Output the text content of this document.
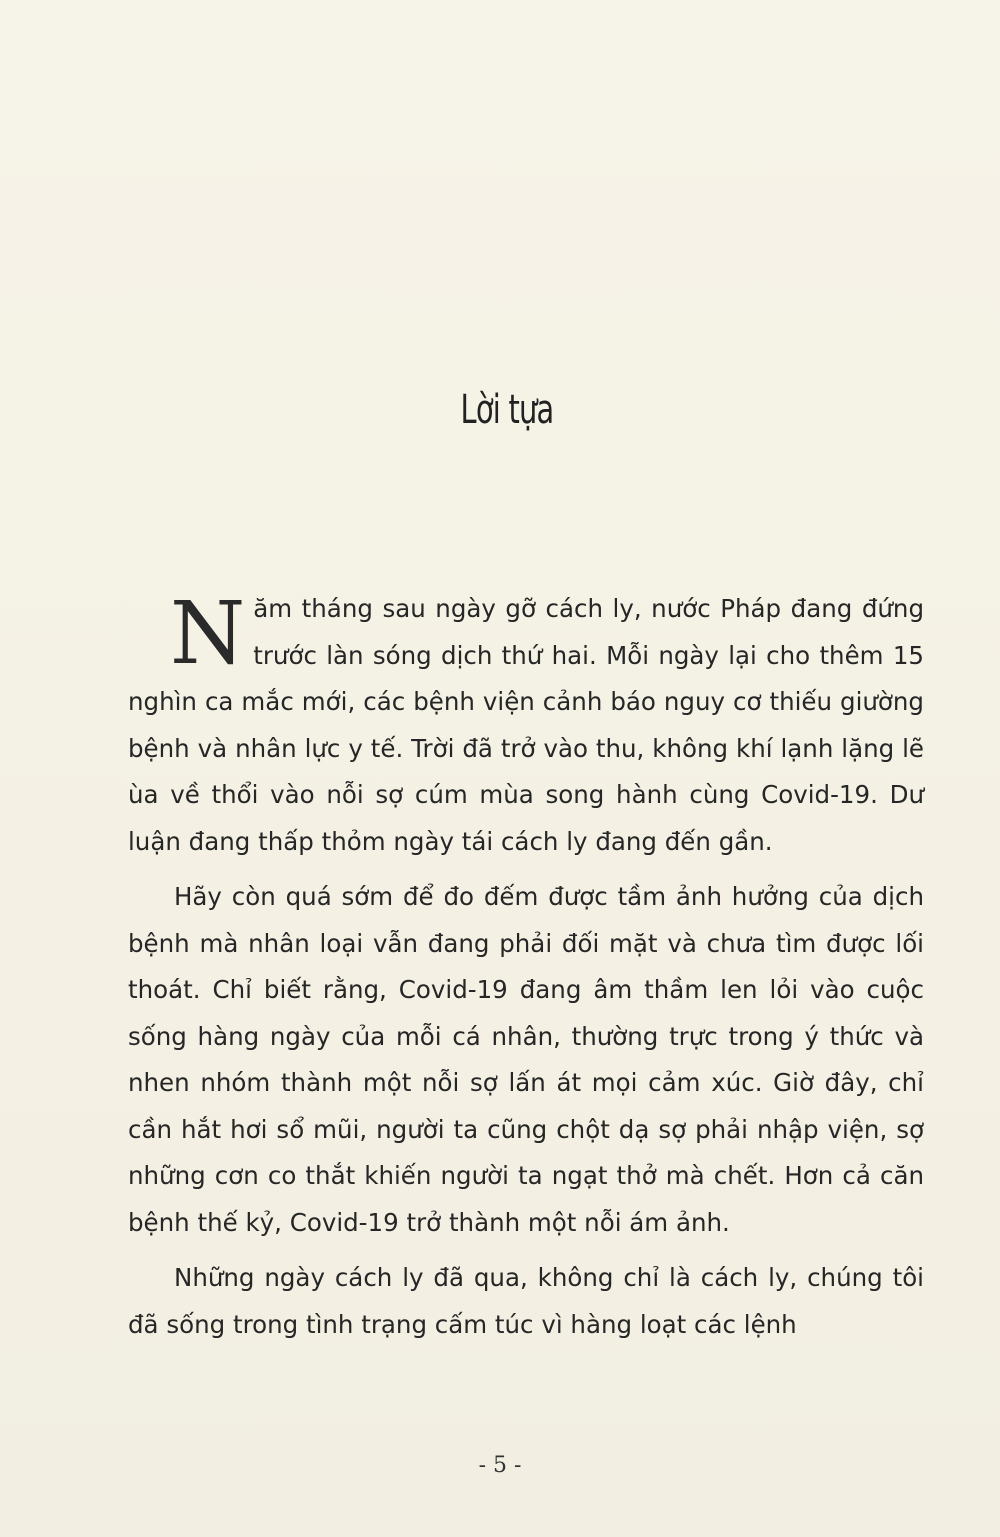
Lời tựa

Năm tháng sau ngày gỡ cách ly, nước Pháp đang đứng trước làn sóng dịch thứ hai. Mỗi ngày lại cho thêm 15 nghìn ca mắc mới, các bệnh viện cảnh báo nguy cơ thiếu giường bệnh và nhân lực y tế. Trời đã trở vào thu, không khí lạnh lặng lẽ ùa về thổi vào nỗi sợ cúm mùa song hành cùng Covid-19. Dư luận đang thấp thỏm ngày tái cách ly đang đến gần.

Hãy còn quá sớm để đo đếm được tầm ảnh hưởng của dịch bệnh mà nhân loại vẫn đang phải đối mặt và chưa tìm được lối thoát. Chỉ biết rằng, Covid-19 đang âm thầm len lỏi vào cuộc sống hàng ngày của mỗi cá nhân, thường trực trong ý thức và nhen nhóm thành một nỗi sợ lấn át mọi cảm xúc. Giờ đây, chỉ cần hắt hơi sổ mũi, người ta cũng chột dạ sợ phải nhập viện, sợ những cơn co thắt khiến người ta ngạt thở mà chết. Hơn cả căn bệnh thế kỷ, Covid-19 trở thành một nỗi ám ảnh.

Những ngày cách ly đã qua, không chỉ là cách ly, chúng tôi đã sống trong tình trạng cấm túc vì hàng loạt các lệnh

- 5 -
